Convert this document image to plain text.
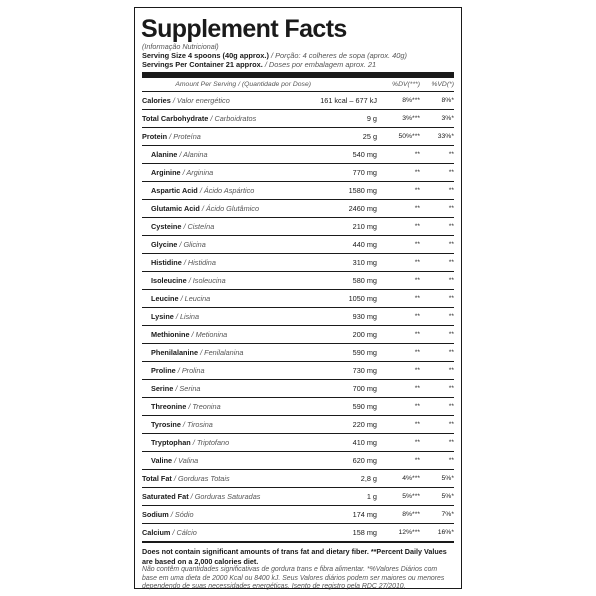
Supplement Facts
(Informação Nutricional)
Serving Size 4 spoons (40g approx.) / Porção: 4 colheres de sopa (aprox. 40g)
Servings Per Container 21 approx. / Doses por embalagem aprox. 21
Amount Per Serving / (Quantidade por Dose)	%DV(***)	%VD(*)
Calories / Valor energético	161 kcal – 677 kJ	8%***	8%*
Total Carbohydrate / Carboidratos	9 g	3%***	3%*
Protein / Proteína	25 g	50%***	33%*
Alanine / Alanina	540 mg	**	**
Arginine / Arginina	770 mg	**	**
Aspartic Acid / Ácido Aspártico	1580 mg	**	**
Glutamic Acid / Ácido Glutâmico	2460 mg	**	**
Cysteine / Cisteína	210 mg	**	**
Glycine / Glicina	440 mg	**	**
Histidine / Histidina	310 mg	**	**
Isoleucine / Isoleucina	580 mg	**	**
Leucine / Leucina	1050 mg	**	**
Lysine / Lisina	930 mg	**	**
Methionine / Metionina	200 mg	**	**
Phenilalanine / Fenilalanina	590 mg	**	**
Proline / Prolina	730 mg	**	**
Serine / Serina	700 mg	**	**
Threonine / Treonina	590 mg	**	**
Tyrosine / Tirosina	220 mg	**	**
Tryptophan / Triptofano	410 mg	**	**
Valine / Valina	620 mg	**	**
Total Fat / Gorduras Totais	2,8 g	4%***	5%*
Saturated Fat / Gorduras Saturadas	1 g	5%***	5%*
Sodium / Sódio	174 mg	8%***	7%*
Calcium / Cálcio	158 mg	12%***	16%*
Does not contain significant amounts of trans fat and dietary fiber. **Percent Daily Values are based on a 2,000 calories diet.
Não contêm quantidades significativas de gordura trans e fibra alimentar. *%Valores Diários com base em uma dieta de 2000 Kcal ou 8400 kJ. Seus Valores diários podem ser maiores ou menores dependendo de suas necessidades energéticas. Isento de registro pela RDC 27/2010.
